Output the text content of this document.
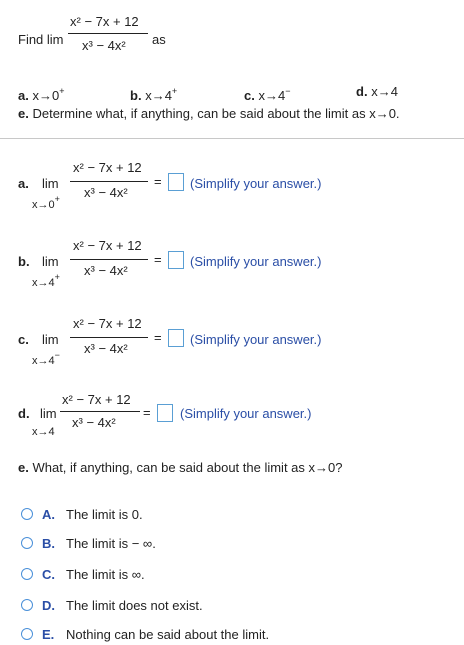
Find lim
x² − 7x + 12
x³ − 4x² as
a. x→0+	b. x→4+	c. x→4−	d. x→4
e. Determine what, if anything, can be said about the limit as x→0.
a. lim
x→0+
x² − 7x + 12
x³ − 4x²
= (Simplify your answer.)
b. lim
x→4+
x² − 7x + 12
x³ − 4x²
= (Simplify your answer.)
c. lim
x→4−
x² − 7x + 12
x³ − 4x²
= (Simplify your answer.)
d. lim
x→4
x² − 7x + 12
x³ − 4x²
= (Simplify your answer.)
e. What, if anything, can be said about the limit as x→0?
A. The limit is 0.
B. The limit is − ∞.
C. The limit is ∞.
D. The limit does not exist.
E. Nothing can be said about the limit.
